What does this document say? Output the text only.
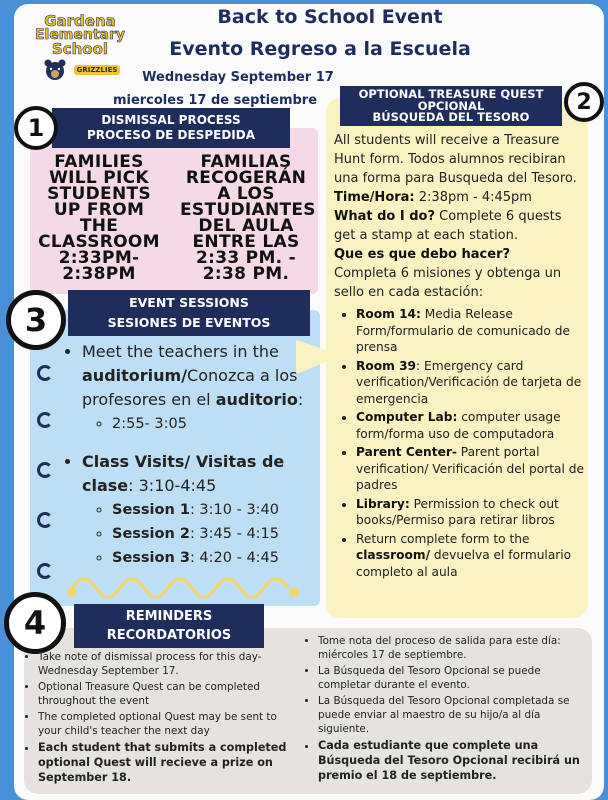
Gardena
Elementary
School
GRIZZLIES
Back to School Event
Evento Regreso a la Escuela
Wednesday September 17
miercoles 17 de septiembre
DISMISSAL PROCESS
PROCESO DE DESPEDIDA
1
FAMILIES WILL PICK STUDENTS UP FROM THE CLASSROOM 2:33PM-2:38PM
FAMILIAS RECOGERÁN A LOS ESTUDIANTES DEL AULA ENTRE LAS 2:33 PM. - 2:38 PM.
OPTIONAL TREASURE QUEST
OPCIONAL
BÚSQUEDA DEL TESORO
2
All students will receive a Treasure Hunt form. Todos alumnos recibiran una forma para Busqueda del Tesoro.
Time/Hora: 2:38pm - 4:45pm
What do I do? Complete 6 quests get a stamp at each station.
Que es que debo hacer?
Completa 6 misiones y obtenga un sello en cada estación:
• Room 14: Media Release Form/formulario de comunicado de prensa
• Room 39: Emergency card verification/Verificación de tarjeta de emergencia
• Computer Lab: computer usage form/forma uso de computadora
• Parent Center- Parent portal verification/ Verificación del portal de padres
• Library: Permission to check out books/Permiso para retirar libros
• Return complete form to the classroom/ devuelva el formulario completo al aula
EVENT SESSIONS
SESIONES DE EVENTOS
3
• Meet the teachers in the auditorium/Conozca a los profesores en el auditorio:
◦ 2:55- 3:05
• Class Visits/ Visitas de clase: 3:10-4:45
◦ Session 1: 3:10 - 3:40
◦ Session 2: 3:45 - 4:15
◦ Session 3: 4:20 - 4:45
REMINDERS
RECORDATORIOS
4
• Take note of dismissal process for this day- Wednesday September 17.
• Optional Treasure Quest can be completed throughout the event
• The completed optional Quest may be sent to your child's teacher the next day
• Each student that submits a completed optional Quest will recieve a prize on September 18.
• Tome nota del proceso de salida para este día: miércoles 17 de septiembre.
• La Búsqueda del Tesoro Opcional se puede completar durante el evento.
• La Búsqueda del Tesoro Opcional completada se puede enviar al maestro de su hijo/a al día siguiente.
• Cada estudiante que complete una Búsqueda del Tesoro Opcional recibirá un premio el 18 de septiembre.
